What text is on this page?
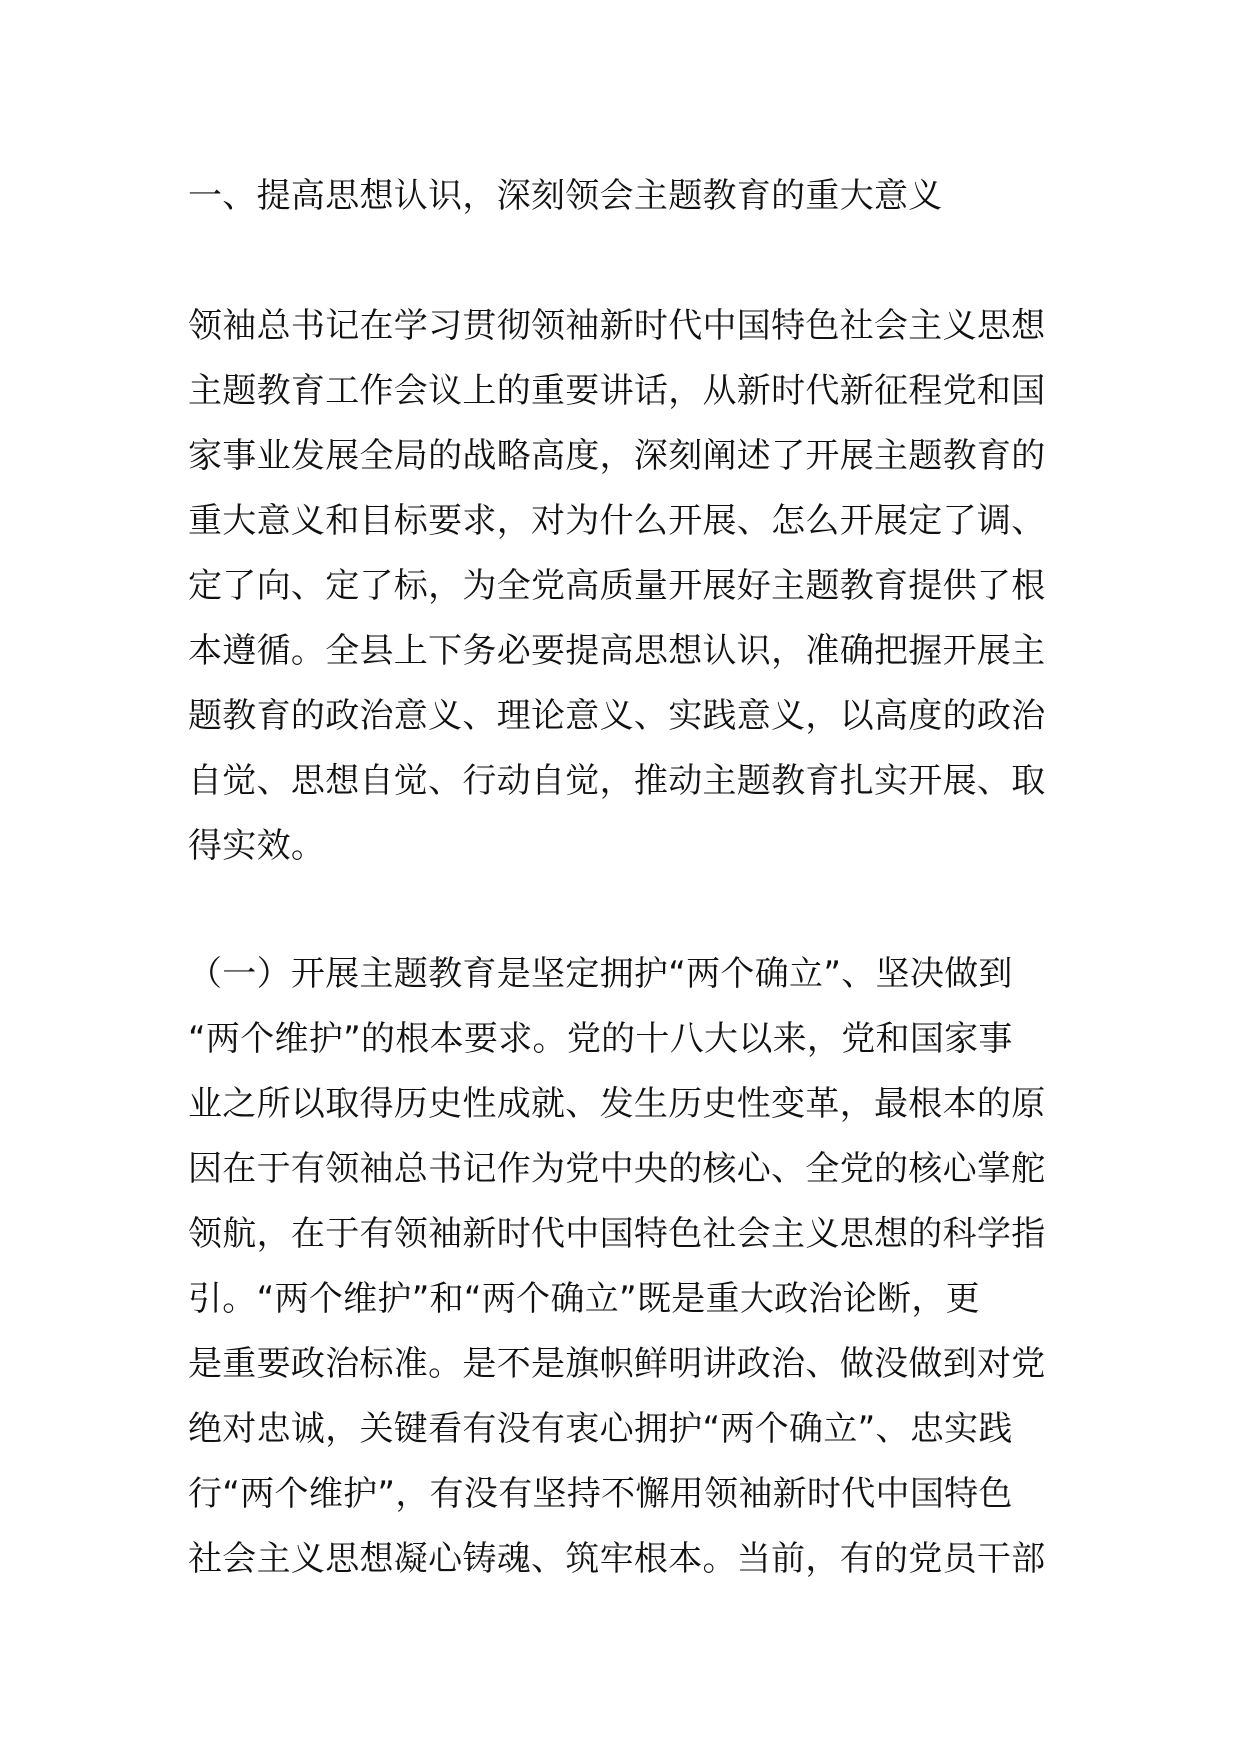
一、提高思想认识，深刻领会主题教育的重大意义
领袖总书记在学习贯彻领袖新时代中国特色社会主义思想
主题教育工作会议上的重要讲话，从新时代新征程党和国
家事业发展全局的战略高度，深刻阐述了开展主题教育的
重大意义和目标要求，对为什么开展、怎么开展定了调、
定了向、定了标，为全党高质量开展好主题教育提供了根
本遵循。全县上下务必要提高思想认识，准确把握开展主
题教育的政治意义、理论意义、实践意义，以高度的政治
自觉、思想自觉、行动自觉，推动主题教育扎实开展、取
得实效。
（一）开展主题教育是坚定拥护“两个确立”、坚决做到
“两个维护”的根本要求。党的十八大以来，党和国家事
业之所以取得历史性成就、发生历史性变革，最根本的原
因在于有领袖总书记作为党中央的核心、全党的核心掌舵
领航，在于有领袖新时代中国特色社会主义思想的科学指
引。“两个维护”和“两个确立”既是重大政治论断，更
是重要政治标准。是不是旗帜鲜明讲政治、做没做到对党
绝对忠诚，关键看有没有衷心拥护“两个确立”、忠实践
行“两个维护”，有没有坚持不懈用领袖新时代中国特色
社会主义思想凝心铸魂、筑牢根本。当前，有的党员干部
